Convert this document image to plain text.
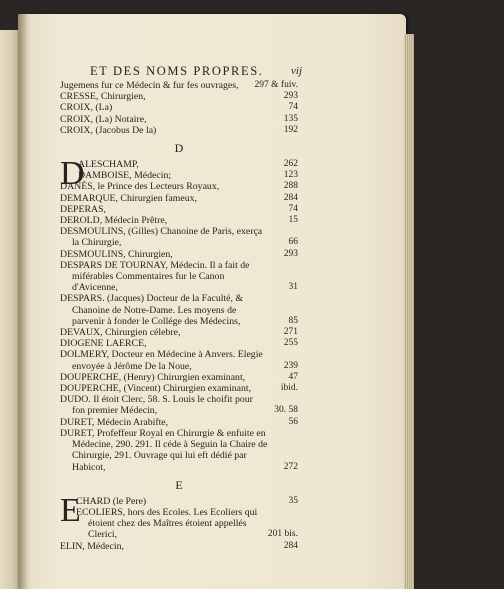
ET DES NOMS PROPRES.	vij
Jugemens fur ce Médecin & fur fes ouvrages,	297 & fuiv.
CRESSE, Chirurgien,	293
CROIX, (La)	74
CROIX, (La) Notaire,	135
CROIX, (Jacobus De la)	192
D
D
ALESCHAMP,	262
DAMBOISE, Médecin;	123
DANÈS, le Prince des Lecteurs Royaux,	288
DEMARQUE, Chirurgien fameux,	284
DEPERAS,	74
DEROLD, Médecin Prêtre,	15
DESMOULINS, (Gilles) Chanoine de Paris, exerça la Chirurgie,	66
DESMOULINS, Chirurgien,	293
DESPARS DE TOURNAY, Médecin. Il a fait de miférables Commentaires fur le Canon d'Avicenne,	31
DESPARS. (Jacques) Docteur de la Faculté, & Chanoine de Notre-Dame. Les moyens de parvenir à fonder le Collége des Médecins,	85
DEVAUX, Chirurgien célebre,	271
DIOGENE LAERCE,	255
DOLMERY, Docteur en Médecine à Anvers. Elegie envoyée à Jérôme De la Noue,	239
DOUPERCHE, (Henry) Chirurgien examinant,	47
DOUPERCHE, (Vincent) Chirurgien examinant,	ibid.
DUDO. Il étoit Clerc, 58. S. Louis le choifit pour fon premier Médecin,	30. 58
DURET, Médecin Arabifte,	56
DURET, Profeffeur Royal en Chirurgie & enfuite en Médecine, 290. 291. Il céde à Seguin la Chaire de Chirurgie, 291. Ouvrage qui lui eft dédié par Habicot,	272
E
E
CHARD (le Pere)	35
ECOLIERS, hors des Ecoles. Les Ecoliers qui étoient chez des Maîtres étoient appellés Clerici,	201 bis.
ELIN, Médecin,	284
